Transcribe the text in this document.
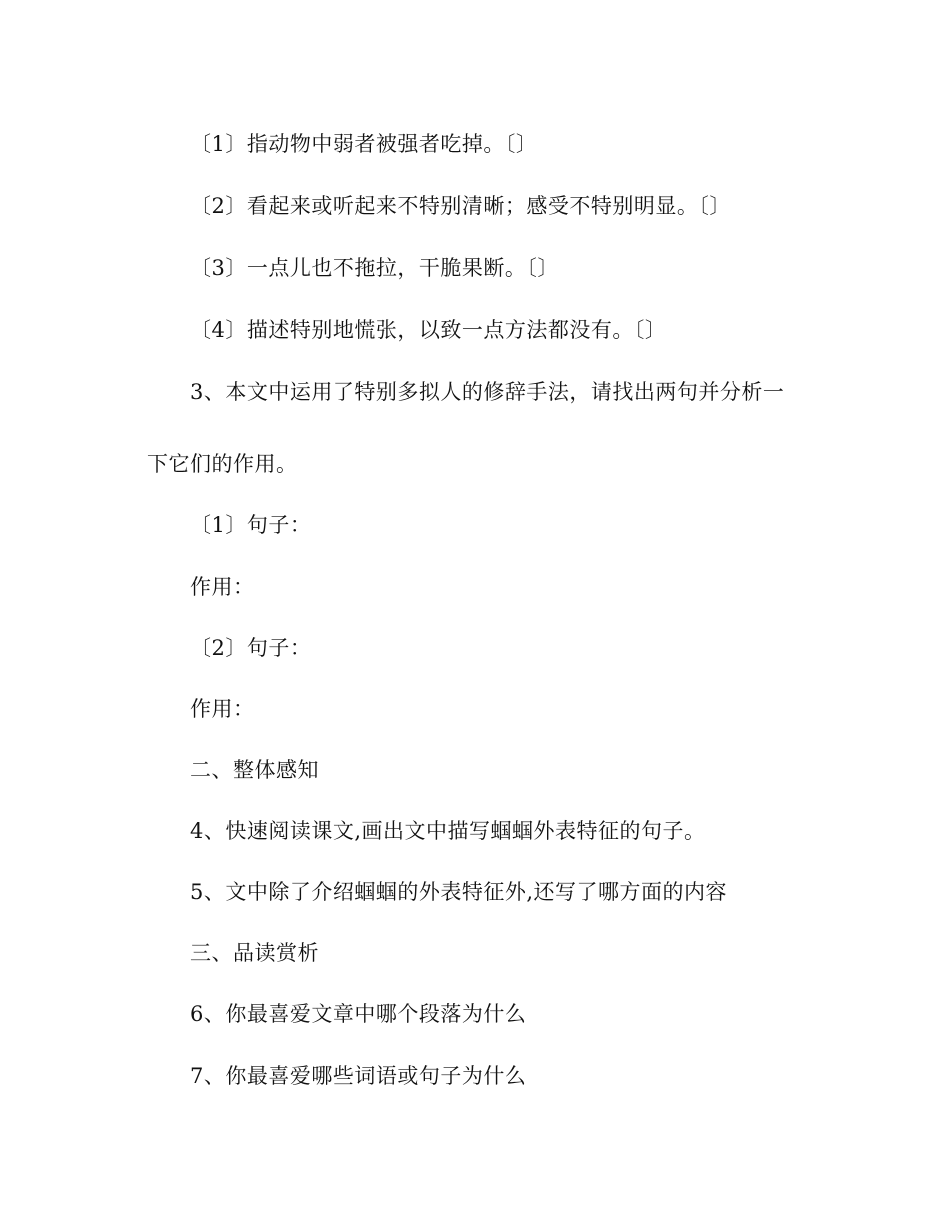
〔1〕指动物中弱者被强者吃掉。〔〕
〔2〕看起来或听起来不特别清晰；感受不特别明显。〔〕
〔3〕一点儿也不拖拉，干脆果断。〔〕
〔4〕描述特别地慌张，以致一点方法都没有。〔〕
3、本文中运用了特别多拟人的修辞手法，请找出两句并分析一
下它们的作用。
〔1〕句子：
作用：
〔2〕句子：
作用：
二、整体感知
4、快速阅读课文,画出文中描写蝈蝈外表特征的句子。
5、文中除了介绍蝈蝈的外表特征外,还写了哪方面的内容
三、品读赏析
6、你最喜爱文章中哪个段落为什么
7、你最喜爱哪些词语或句子为什么
